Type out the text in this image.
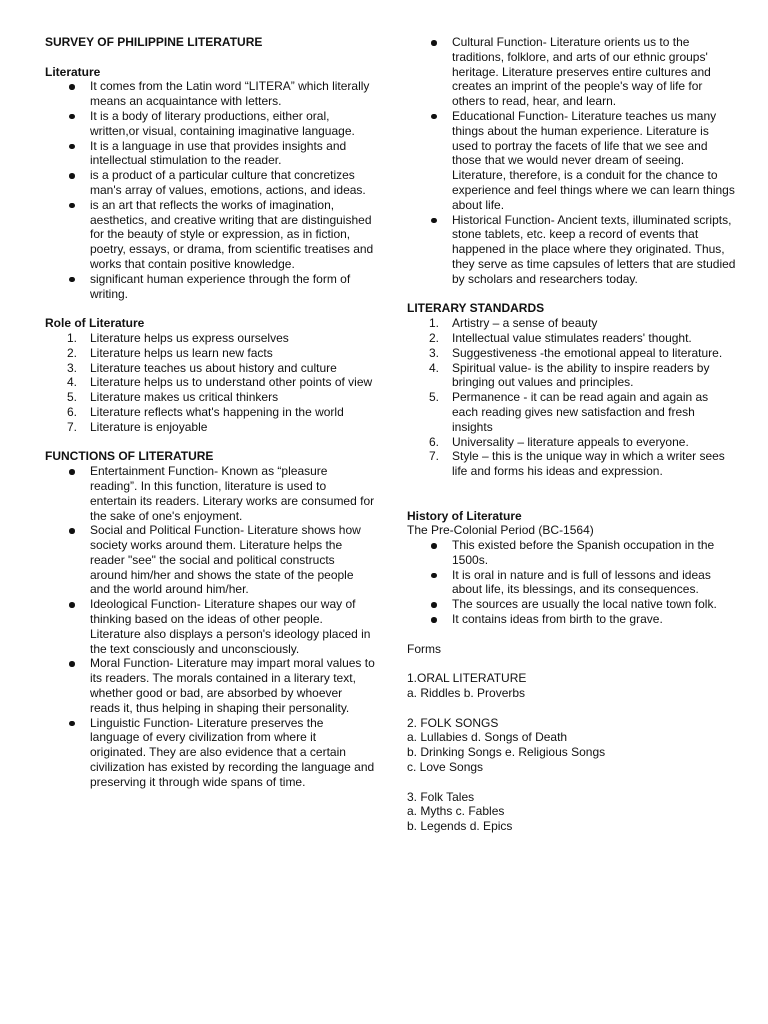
SURVEY OF PHILIPPINE LITERATURE
Literature
It comes from the Latin word “LITERA” which literally means an acquaintance with letters.
It is a body of literary productions, either oral, written,or visual, containing imaginative language.
It is a language in use that provides insights and intellectual stimulation to the reader.
is a product of a particular culture that concretizes man's array of values, emotions, actions, and ideas.
is an art that reflects the works of imagination, aesthetics, and creative writing that are distinguished for the beauty of style or expression, as in fiction, poetry, essays, or drama, from scientific treatises and works that contain positive knowledge.
significant human experience through the form of writing.
Role of Literature
1. Literature helps us express ourselves
2. Literature helps us learn new facts
3. Literature teaches us about history and culture
4. Literature helps us to understand other points of view
5. Literature makes us critical thinkers
6. Literature reflects what's happening in the world
7. Literature is enjoyable
FUNCTIONS OF LITERATURE
Entertainment Function- Known as “pleasure reading”. In this function, literature is used to entertain its readers. Literary works are consumed for the sake of one's enjoyment.
Social and Political Function- Literature shows how society works around them. Literature helps the reader "see" the social and political constructs around him/her and shows the state of the people and the world around him/her.
Ideological Function- Literature shapes our way of thinking based on the ideas of other people. Literature also displays a person's ideology placed in the text consciously and unconsciously.
Moral Function- Literature may impart moral values to its readers. The morals contained in a literary text, whether good or bad, are absorbed by whoever reads it, thus helping in shaping their personality.
Linguistic Function- Literature preserves the language of every civilization from where it originated. They are also evidence that a certain civilization has existed by recording the language and preserving it through wide spans of time.
Cultural Function- Literature orients us to the traditions, folklore, and arts of our ethnic groups' heritage. Literature preserves entire cultures and creates an imprint of the people's way of life for others to read, hear, and learn.
Educational Function- Literature teaches us many things about the human experience. Literature is used to portray the facets of life that we see and those that we would never dream of seeing. Literature, therefore, is a conduit for the chance to experience and feel things where we can learn things about life.
Historical Function- Ancient texts, illuminated scripts, stone tablets, etc. keep a record of events that happened in the place where they originated. Thus, they serve as time capsules of letters that are studied by scholars and researchers today.
LITERARY STANDARDS
1. Artistry – a sense of beauty
2. Intellectual value stimulates readers' thought.
3. Suggestiveness -the emotional appeal to literature.
4. Spiritual value- is the ability to inspire readers by bringing out values and principles.
5. Permanence - it can be read again and again as each reading gives new satisfaction and fresh insights
6. Universality – literature appeals to everyone.
7. Style – this is the unique way in which a writer sees life and forms his ideas and expression.
History of Literature
The Pre-Colonial Period (BC-1564)
This existed before the Spanish occupation in the 1500s.
It is oral in nature and is full of lessons and ideas about life, its blessings, and its consequences.
The sources are usually the local native town folk.
It contains ideas from birth to the grave.
Forms
1.ORAL LITERATURE
a. Riddles b. Proverbs
2. FOLK SONGS
a. Lullabies d. Songs of Death
b. Drinking Songs e. Religious Songs
c. Love Songs
3. Folk Tales
a. Myths c. Fables
b. Legends d. Epics
